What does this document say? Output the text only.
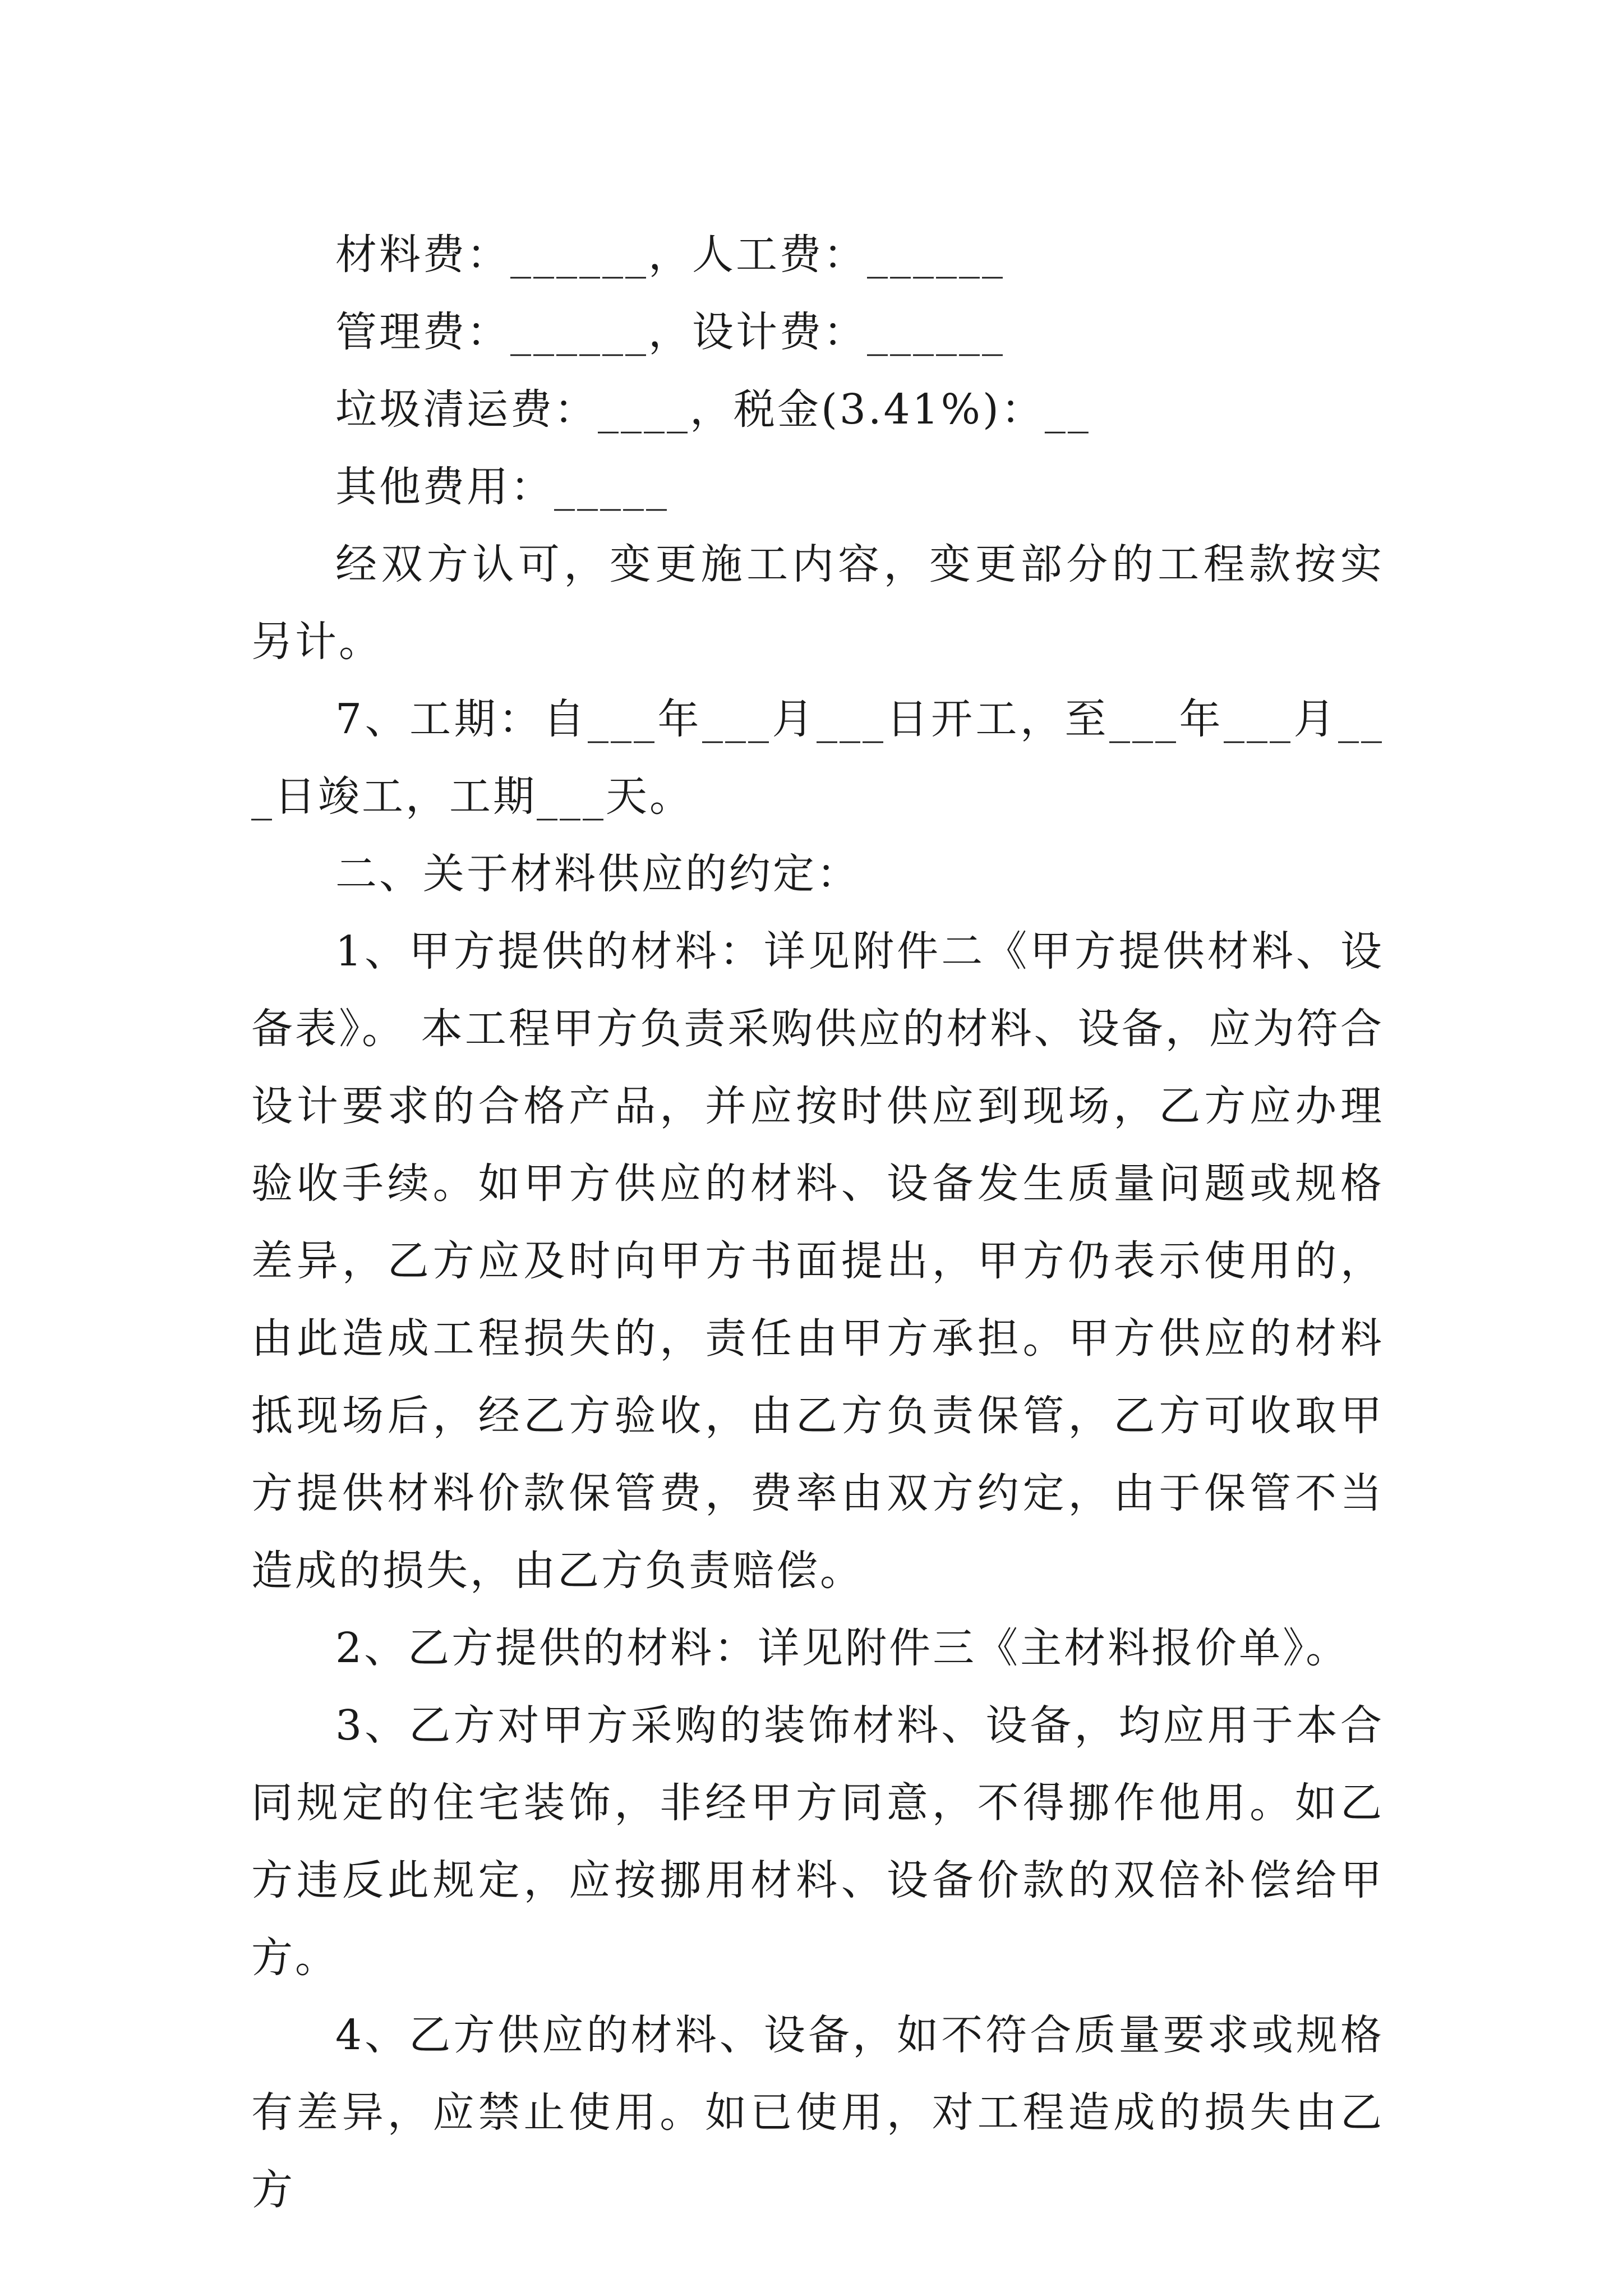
材料费：______，人工费：______

管理费：______，设计费：______

垃圾清运费：____，税金(3.41%)：__

其他费用：_____

经双方认可，变更施工内容，变更部分的工程款按实另计。

7、工期：自___年___月___日开工，至___年___月___日竣工，工期___天。

二、关于材料供应的约定：

1、甲方提供的材料：详见附件二《甲方提供材料、设备表》。 本工程甲方负责采购供应的材料、设备，应为符合设计要求的合格产品，并应按时供应到现场，乙方应办理验收手续。如甲方供应的材料、设备发生质量问题或规格差异，乙方应及时向甲方书面提出，甲方仍表示使用的，由此造成工程损失的，责任由甲方承担。甲方供应的材料抵现场后，经乙方验收，由乙方负责保管，乙方可收取甲方提供材料价款保管费，费率由双方约定，由于保管不当造成的损失，由乙方负责赔偿。

2、乙方提供的材料：详见附件三《主材料报价单》。

3、乙方对甲方采购的装饰材料、设备，均应用于本合同规定的住宅装饰，非经甲方同意，不得挪作他用。如乙方违反此规定，应按挪用材料、设备价款的双倍补偿给甲方。

4、乙方供应的材料、设备，如不符合质量要求或规格有差异，应禁止使用。如已使用，对工程造成的损失由乙方
